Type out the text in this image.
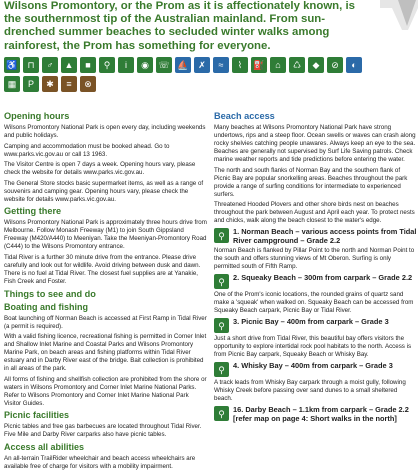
Wilsons Promontory, or the Prom as it is affectionately known, is the southernmost tip of the Australian mainland. From sun-drenched summer beaches to secluded winter walks among rainforest, the Prom has something for everyone.
♿	⊓	♂	▲	■	⚲	i	◉	☏ ⛵	✗	≈	⌇	⛽	⌂	♺	◆	⊘	◐
▦	P	✱	≡	⊗
Opening hours

Wilsons Promontory National Park is open every day, including weekends and public holidays.

Camping and accommodation must be booked ahead. Go to www.parks.vic.gov.au or call 13 1963.

The Visitor Centre is open 7 days a week. Opening hours vary, please check the website for details www.parks.vic.gov.au.

The General Store stocks basic supermarket items, as well as a range of souvenirs and camping gear. Opening hours vary, please check the website for details www.parks.vic.gov.au.

Getting there

Wilsons Promontory National Park is approximately three hours drive from Melbourne. Follow Monash Freeway (M1) to join South Gippsland Freeway (M420/A440) to Meeniyan. Take the Meeniyan-Promontory Road (C444) to the Wilsons Promontory entrance.

Tidal River is a further 30 minute drive from the entrance. Please drive carefully and look out for wildlife. Avoid driving between dusk and dawn. There is no fuel at Tidal River. The closest fuel supplies are at Yanakie, Fish Creek and Foster.

Things to see and do
Boating and fishing

Boat launching off Norman Beach is accessed at First Ramp in Tidal River (a permit is required).

With a valid fishing licence, recreational fishing is permitted in Corner Inlet and Shallow Inlet Marine and Coastal Parks and Wilsons Promontory Marine Park, on beach areas and fishing platforms within Tidal River estuary and in Darby River east of the bridge. Bait collection is prohibited in all areas of the park.

All forms of fishing and shellfish collection are prohibited from the shore or waters in Wilsons Promontory and Corner Inlet Marine National Parks. Refer to Wilsons Promontory and Corner Inlet Marine National Park Visitor Guides.

Picnic facilities

Picnic tables and free gas barbecues are located throughout Tidal River. Five Mile and Darby River carparks also have picnic tables.

Access all abilities

An all-terrain TrailRider wheelchair and beach access wheelchairs are available free of charge for visitors with a mobility impairment.

Beach access

Many beaches at Wilsons Promontory National Park have strong undertows, rips and a steep floor. Ocean swells or waves can crash along rocky shelvies catching people unawares. Always keep an eye to the sea. Beaches are generally not supervised by Surf Life Saving patrols. Check marine weather reports and tide predictions before entering the water.

The north and south flanks of Norman Bay and the southern flank of Picnic Bay are popular snorkelling areas. Beaches throughout the park provide a range of surfing conditions for intermediate to experienced surfers.

Threatened Hooded Plovers and other shore birds nest on beaches throughout the park between August and April each year. To protect nests and chicks, walk along the beach closest to the water's edge.

⚲	1. Norman Beach – various access points from Tidal River campground – Grade 2.2

Norman Beach is flanked by Pillar Point to the north and Norman Point to the south and offers stunning views of Mt Oberon. Surfing is only permitted south of Fifth Ramp.

⚲	2. Squeaky Beach – 300m from carpark – Grade 2.2

One of the Prom's iconic locations, the rounded grains of quartz sand make a 'squeak' when walked on. Squeaky Beach can be accessed from Squeaky Beach carpark, Picnic Bay or Tidal River.

⚲	3. Picnic Bay – 400m from carpark – Grade 3

Just a short drive from Tidal River, this beautiful bay offers visitors the opportunity to explore intertidal rock pool habitats to the north. Access is from Picnic Bay carpark, Squeaky Beach or Whisky Bay.

⚲	4. Whisky Bay – 400m from carpark – Grade 3

A track leads from Whisky Bay carpark through a moist gully, following Whisky Creek before passing over sand dunes to a small sheltered beach.

⚲	16. Darby Beach – 1.1km from carpark – Grade 2.2 [refer map on page 4: Short walks in the north]
